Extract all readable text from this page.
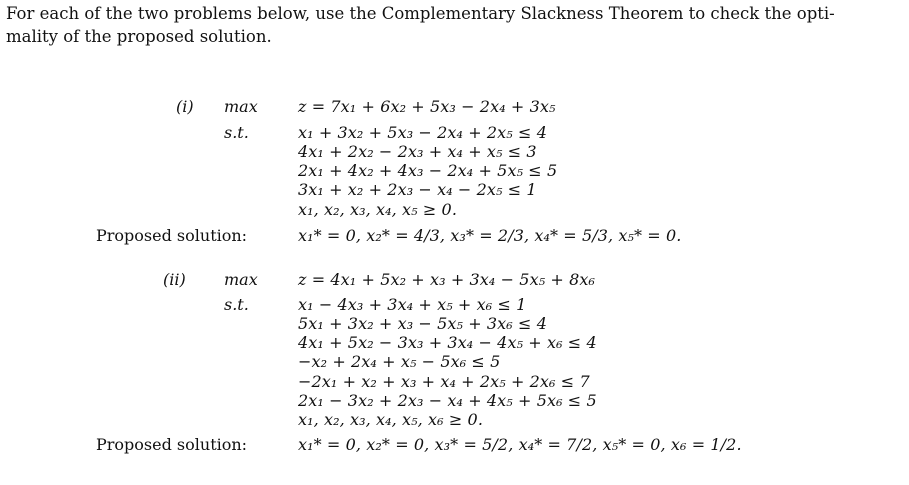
For each of the two problems below, use the Complementary Slackness Theorem to check the opti-
mality of the proposed solution.
(i) max	z = 7x₁ + 6x₂ + 5x₃ − 2x₄ + 3x₅
s.t.	x₁ + 3x₂ + 5x₃ − 2x₄ + 2x₅ ≤ 4
4x₁ + 2x₂ − 2x₃ + x₄ + x₅ ≤ 3
2x₁ + 4x₂ + 4x₃ − 2x₄ + 5x₅ ≤ 5
3x₁ + x₂ + 2x₃ − x₄ − 2x₅ ≤ 1
x₁, x₂, x₃, x₄, x₅ ≥ 0.
Proposed solution:	x₁* = 0, x₂* = 4/3, x₃* = 2/3, x₄* = 5/3, x₅* = 0.
(ii) max	z = 4x₁ + 5x₂ + x₃ + 3x₄ − 5x₅ + 8x₆
s.t.	x₁ − 4x₃ + 3x₄ + x₅ + x₆ ≤ 1
5x₁ + 3x₂ + x₃ − 5x₅ + 3x₆ ≤ 4
4x₁ + 5x₂ − 3x₃ + 3x₄ − 4x₅ + x₆ ≤ 4
−x₂ + 2x₄ + x₅ − 5x₆ ≤ 5
−2x₁ + x₂ + x₃ + x₄ + 2x₅ + 2x₆ ≤ 7
2x₁ − 3x₂ + 2x₃ − x₄ + 4x₅ + 5x₆ ≤ 5
x₁, x₂, x₃, x₄, x₅, x₆ ≥ 0.
Proposed solution:	x₁* = 0, x₂* = 0, x₃* = 5/2, x₄* = 7/2, x₅* = 0, x₆ = 1/2.
